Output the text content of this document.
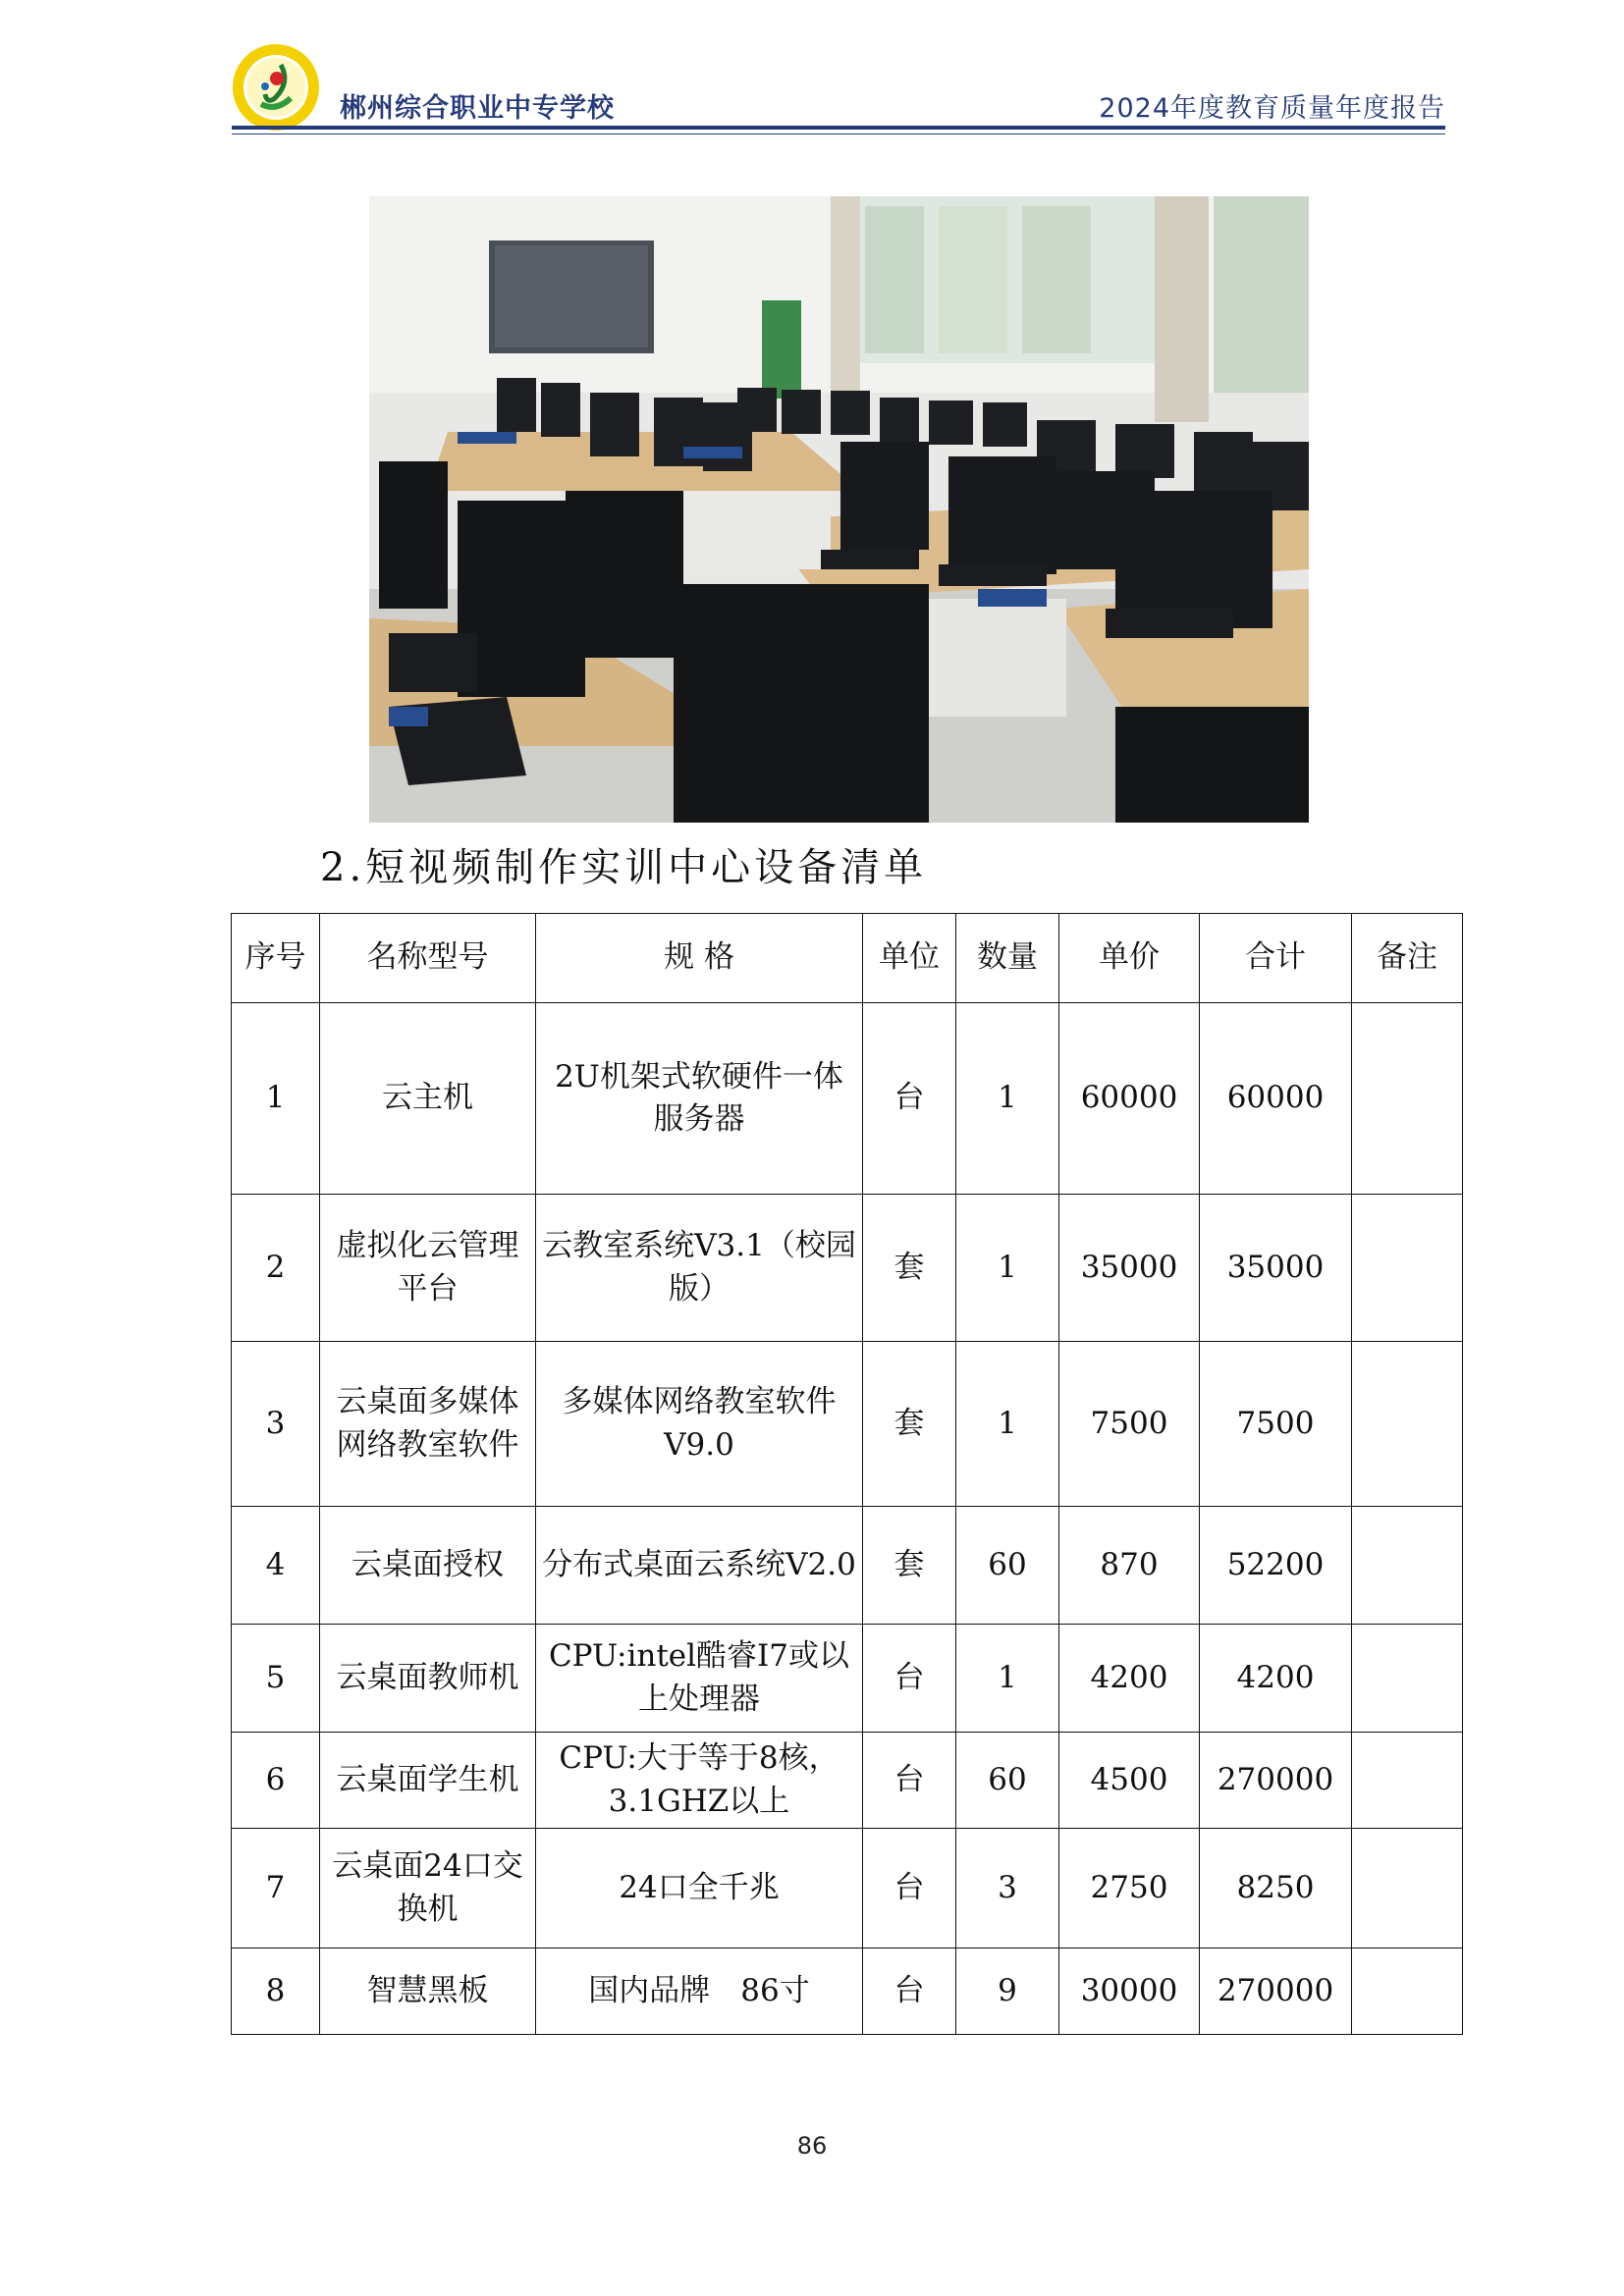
郴州综合职业中专学校	2024年度教育质量年度报告
2.短视频制作实训中心设备清单
序号	名称型号	规 格	单位	数量	单价	合计	备注
1	云主机	2U机架式软硬件一体服务器	台	1	60000	60000	
2	虚拟化云管理平台	云教室系统V3.1（校园版）	套	1	35000	35000	
3	云桌面多媒体网络教室软件	多媒体网络教室软件V9.0	套	1	7500	7500	
4	云桌面授权	分布式桌面云系统V2.0	套	60	870	52200	
5	云桌面教师机	CPU:intel酷睿I7或以上处理器	台	1	4200	4200	
6	云桌面学生机	CPU:大于等于8核，3.1GHZ以上	台	60	4500	270000	
7	云桌面24口交换机	24口全千兆	台	3	2750	8250	
8	智慧黑板	国内品牌　86寸	台	9	30000	270000	
86
